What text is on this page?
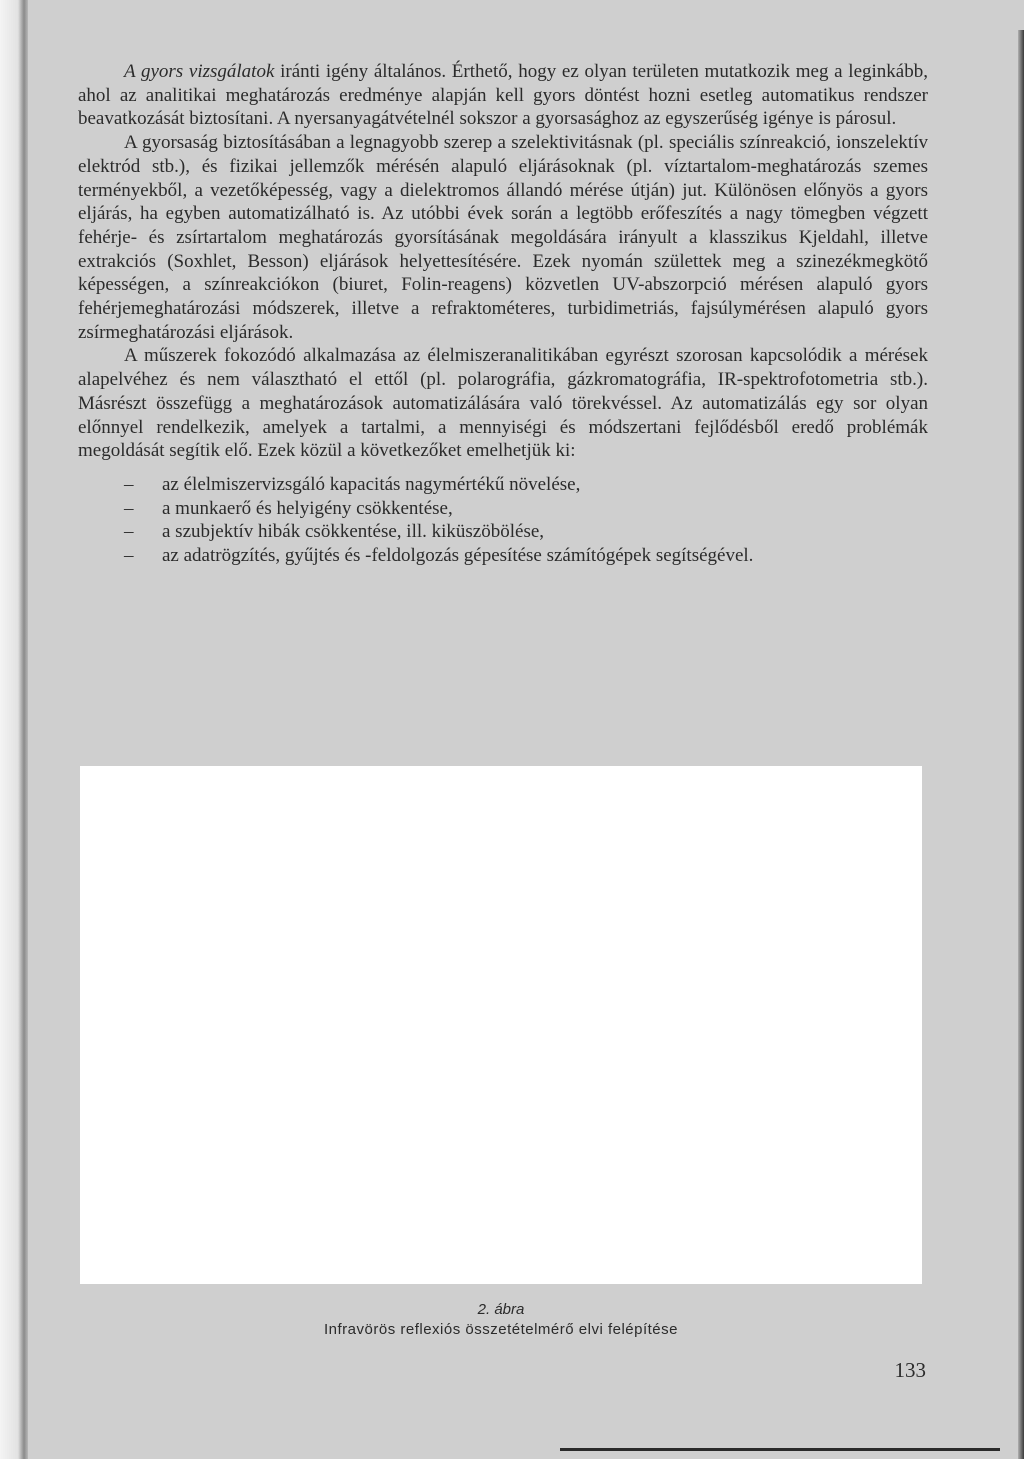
A gyors vizsgálatok iránti igény általános. Érthető, hogy ez olyan területen mutatkozik meg a leginkább, ahol az analitikai meghatározás eredménye alapján kell gyors döntést hozni esetleg automatikus rendszer beavatkozását biztosítani. A nyersanyagátvételnél sokszor a gyorsasághoz az egyszerűség igénye is párosul.

A gyorsaság biztosításában a legnagyobb szerep a szelektivitásnak (pl. speciális színreakció, ionszelektív elektród stb.), és fizikai jellemzők mérésén alapuló eljárásoknak (pl. víztartalom-meghatározás szemes terményekből, a vezetőképesség, vagy a dielektromos állandó mérése útján) jut. Különösen előnyös a gyors eljárás, ha egyben automatizálható is. Az utóbbi évek során a legtöbb erőfeszítés a nagy tömegben végzett fehérje- és zsírtartalom meghatározás gyorsításának megoldására irányult a klasszikus Kjeldahl, illetve extrakciós (Soxhlet, Besson) eljárások helyettesítésére. Ezek nyomán születtek meg a szinezékmegkötő képességen, a színreakciókon (biuret, Folin-reagens) közvetlen UV-abszorpció mérésen alapuló gyors fehérjemeghatározási módszerek, illetve a refraktométeres, turbidimetriás, fajsúlymérésen alapuló gyors zsírmeghatározási eljárások.

A műszerek fokozódó alkalmazása az élelmiszeranalitikában egyrészt szorosan kapcsolódik a mérések alapelvéhez és nem választható el ettől (pl. polarográfia, gázkromatográfia, IR-spektrofotometria stb.). Másrészt összefügg a meghatározások automatizálására való törekvéssel. Az automatizálás egy sor olyan előnnyel rendelkezik, amelyek a tartalmi, a mennyiségi és módszertani fejlődésből eredő problémák megoldását segítik elő. Ezek közül a következőket emelhetjük ki:

– az élelmiszervizsgáló kapacitás nagymértékű növelése,
– a munkaerő és helyigény csökkentése,
– a szubjektív hibák csökkentése, ill. kiküszöbölése,
– az adatrögzítés, gyűjtés és -feldolgozás gépesítése számítógépek segítségével.
2. ábra
Infravörös reflexiós összetételmérő elvi felépítése
133
